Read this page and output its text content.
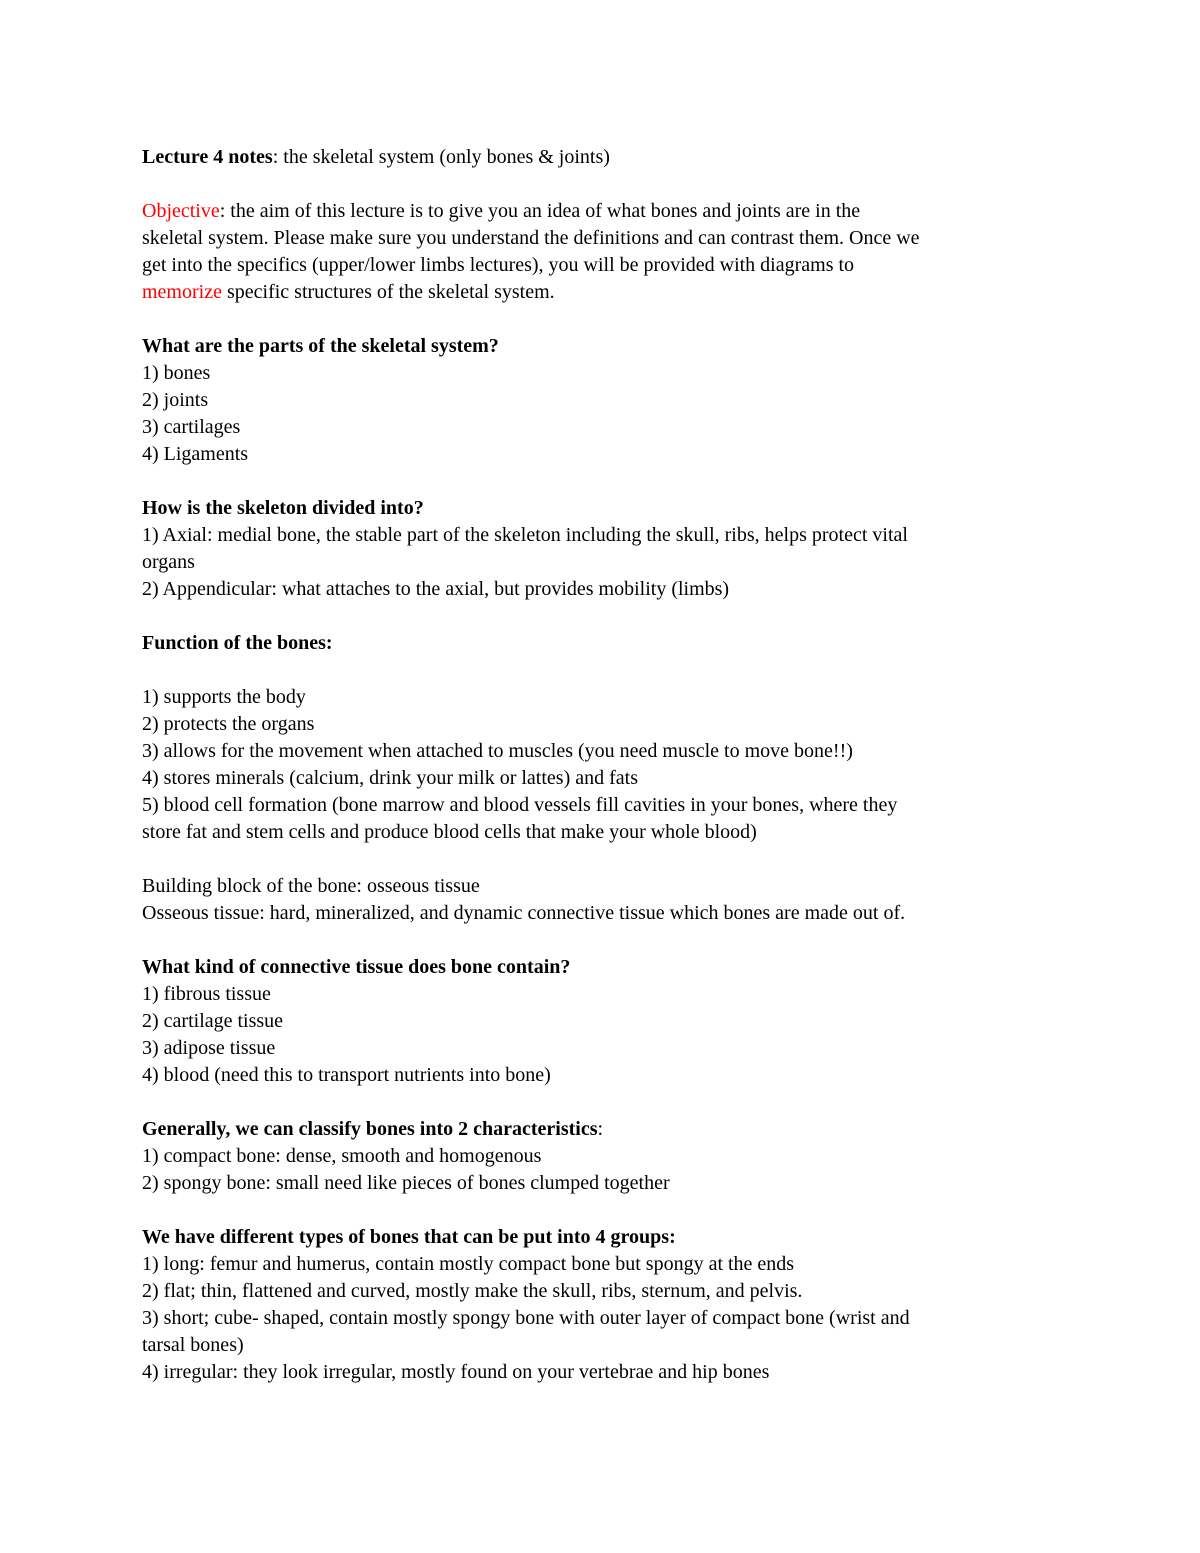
Lecture 4 notes: the skeletal system (only bones & joints)
Objective: the aim of this lecture is to give you an idea of what bones and joints are in the
skeletal system. Please make sure you understand the definitions and can contrast them. Once we
get into the specifics (upper/lower limbs lectures), you will be provided with diagrams to
memorize specific structures of the skeletal system.
What are the parts of the skeletal system?
1) bones
2) joints
3) cartilages
4) Ligaments
How is the skeleton divided into?
1) Axial: medial bone, the stable part of the skeleton including the skull, ribs, helps protect vital
organs
2) Appendicular: what attaches to the axial, but provides mobility (limbs)
Function of the bones:
1) supports the body
2) protects the organs
3) allows for the movement when attached to muscles (you need muscle to move bone!!)
4) stores minerals (calcium, drink your milk or lattes) and fats
5) blood cell formation (bone marrow and blood vessels fill cavities in your bones, where they
store fat and stem cells and produce blood cells that make your whole blood)
Building block of the bone: osseous tissue
Osseous tissue: hard, mineralized, and dynamic connective tissue which bones are made out of.
What kind of connective tissue does bone contain?
1) fibrous tissue
2) cartilage tissue
3) adipose tissue
4) blood (need this to transport nutrients into bone)
Generally, we can classify bones into 2 characteristics:
1) compact bone: dense, smooth and homogenous
2) spongy bone: small need like pieces of bones clumped together
We have different types of bones that can be put into 4 groups:
1) long: femur and humerus, contain mostly compact bone but spongy at the ends
2) flat; thin, flattened and curved, mostly make the skull, ribs, sternum, and pelvis.
3) short; cube- shaped, contain mostly spongy bone with outer layer of compact bone (wrist and
tarsal bones)
4) irregular: they look irregular, mostly found on your vertebrae and hip bones
